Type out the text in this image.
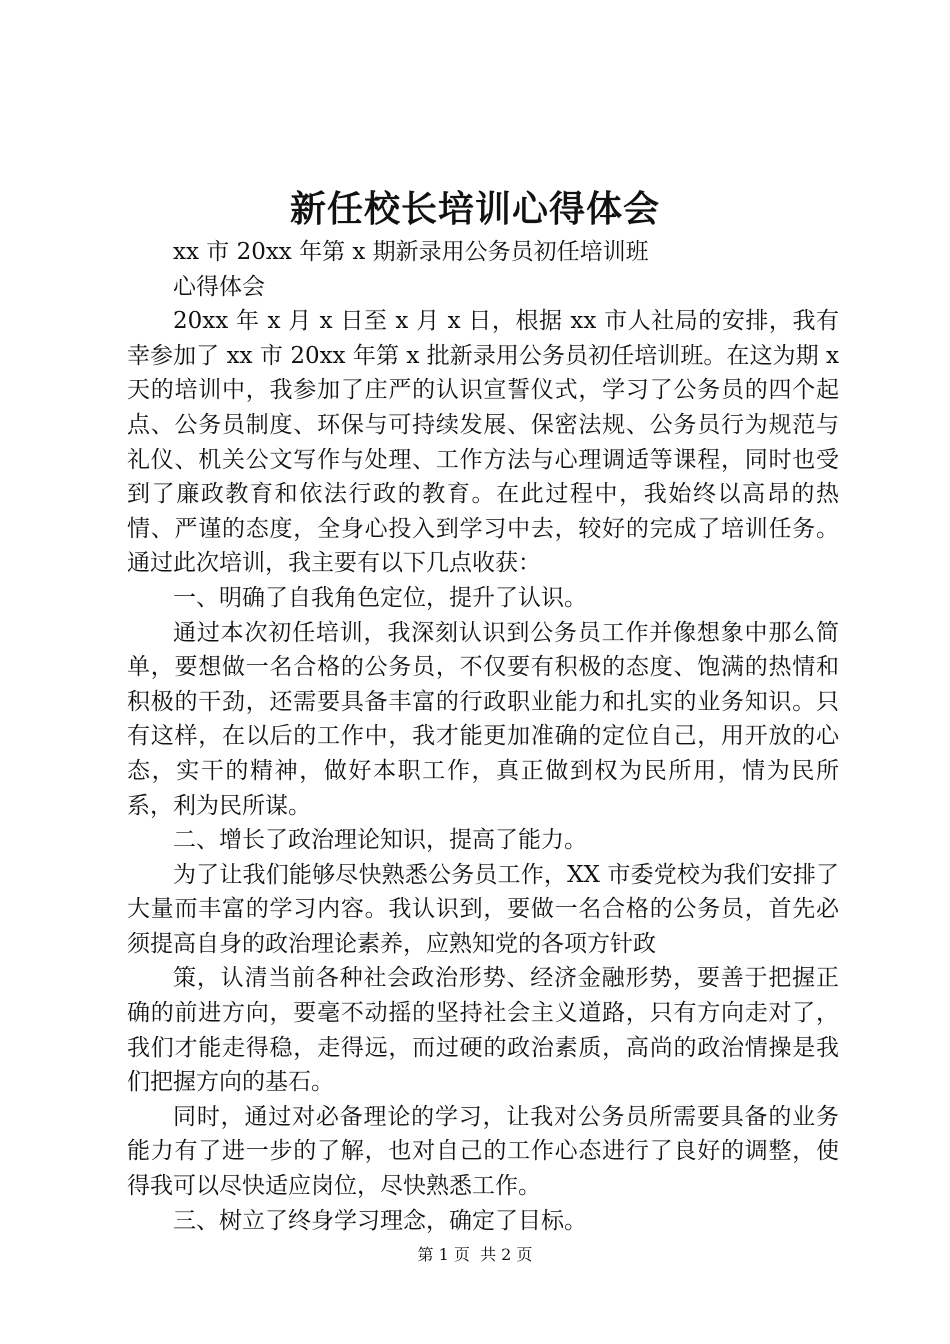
新任校长培训心得体会

xx 市 20xx 年第 x 期新录用公务员初任培训班

心得体会

20xx 年 x 月 x 日至 x 月 x 日，根据 xx 市人社局的安排，我有幸参加了 xx 市 20xx 年第 x 批新录用公务员初任培训班。在这为期 x 天的培训中，我参加了庄严的认识宣誓仪式，学习了公务员的四个起点、公务员制度、环保与可持续发展、保密法规、公务员行为规范与礼仪、机关公文写作与处理、工作方法与心理调适等课程，同时也受到了廉政教育和依法行政的教育。在此过程中，我始终以高昂的热情、严谨的态度，全身心投入到学习中去，较好的完成了培训任务。通过此次培训，我主要有以下几点收获：

一、明确了自我角色定位，提升了认识。

通过本次初任培训，我深刻认识到公务员工作并像想象中那么简单，要想做一名合格的公务员，不仅要有积极的态度、饱满的热情和积极的干劲，还需要具备丰富的行政职业能力和扎实的业务知识。只有这样，在以后的工作中，我才能更加准确的定位自己，用开放的心态，实干的精神，做好本职工作，真正做到权为民所用，情为民所系，利为民所谋。

二、增长了政治理论知识，提高了能力。

为了让我们能够尽快熟悉公务员工作，XX 市委党校为我们安排了大量而丰富的学习内容。我认识到，要做一名合格的公务员，首先必须提高自身的政治理论素养，应熟知党的各项方针政

策，认清当前各种社会政治形势、经济金融形势，要善于把握正确的前进方向，要毫不动摇的坚持社会主义道路，只有方向走对了，我们才能走得稳，走得远，而过硬的政治素质，高尚的政治情操是我们把握方向的基石。

同时，通过对必备理论的学习，让我对公务员所需要具备的业务能力有了进一步的了解，也对自己的工作心态进行了良好的调整，使得我可以尽快适应岗位，尽快熟悉工作。

三、树立了终身学习理念，确定了目标。

第 1 页  共 2 页
